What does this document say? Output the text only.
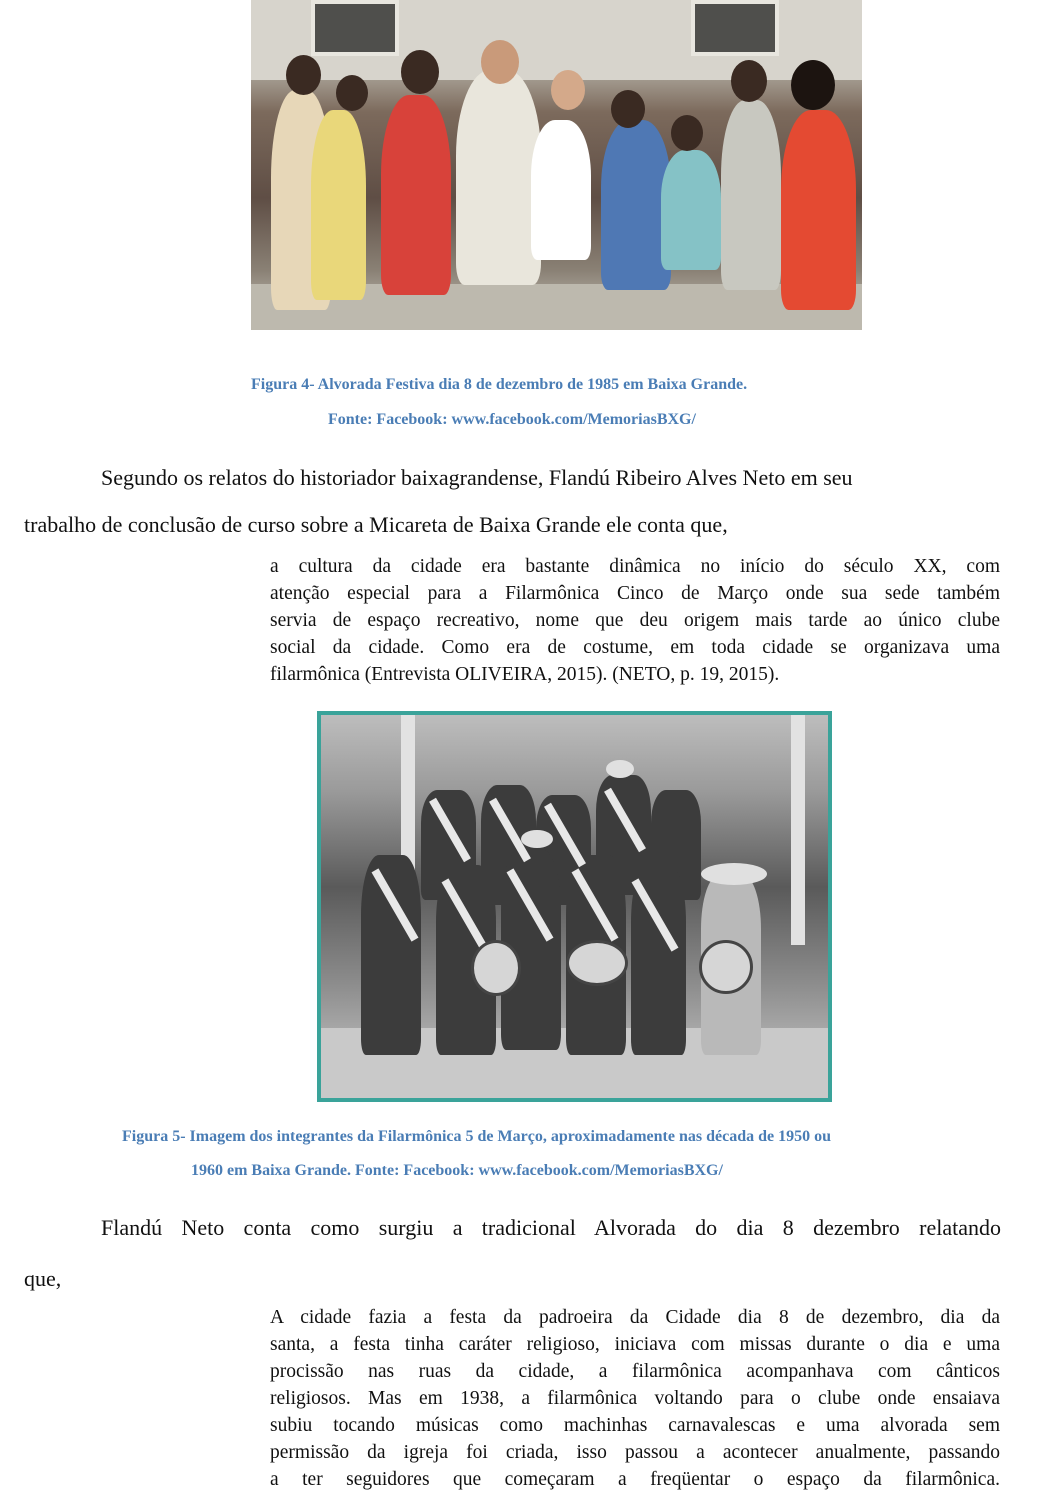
Figura 4- Alvorada Festiva dia 8 de dezembro de 1985 em Baixa Grande.
Fonte: Facebook: www.facebook.com/MemoriasBXG/
Segundo os relatos do historiador baixagrandense, Flandú Ribeiro Alves Neto em seu
trabalho de conclusão de curso sobre a Micareta de Baixa Grande ele conta que,
a cultura da cidade era bastante dinâmica no início do século XX, com
atenção especial para a Filarmônica Cinco de Março onde sua sede também
servia de espaço recreativo, nome que deu origem mais tarde ao único clube
social da cidade. Como era de costume, em toda cidade se organizava uma
filarmônica (Entrevista OLIVEIRA, 2015). (NETO, p. 19, 2015).
Figura 5- Imagem dos integrantes da Filarmônica 5 de Março, aproximadamente nas década de 1950 ou
1960 em Baixa Grande. Fonte: Facebook: www.facebook.com/MemoriasBXG/
Flandú Neto conta como surgiu a tradicional Alvorada do dia 8 dezembro relatando
que,
A cidade fazia a festa da padroeira da Cidade dia 8 de dezembro, dia da
santa, a festa tinha caráter religioso, iniciava com missas durante o dia e uma
procissão nas ruas da cidade, a filarmônica acompanhava com cânticos
religiosos. Mas em 1938, a filarmônica voltando para o clube onde ensaiava
subiu tocando músicas como machinhas carnavalescas e uma alvorada sem
permissão da igreja foi criada, isso passou a acontecer anualmente, passando
a ter seguidores que começaram a freqüentar o espaço da filarmônica.
